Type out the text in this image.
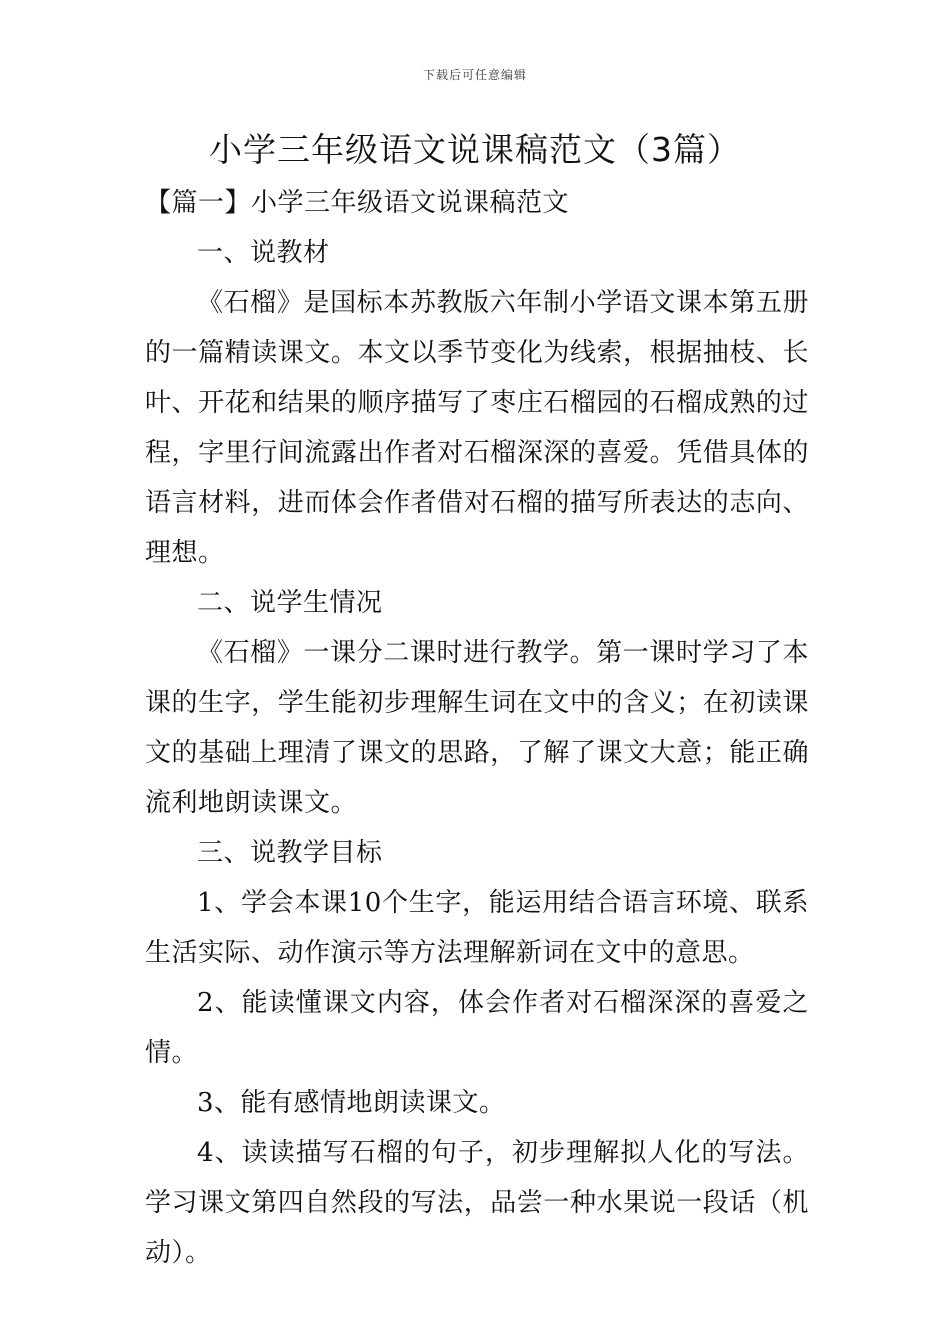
下载后可任意编辑
小学三年级语文说课稿范文（3篇）

【篇一】小学三年级语文说课稿范文

一、说教材

《石榴》是国标本苏教版六年制小学语文课本第五册的一篇精读课文。本文以季节变化为线索，根据抽枝、长叶、开花和结果的顺序描写了枣庄石榴园的石榴成熟的过程，字里行间流露出作者对石榴深深的喜爱。凭借具体的语言材料，进而体会作者借对石榴的描写所表达的志向、理想。

二、说学生情况

《石榴》一课分二课时进行教学。第一课时学习了本课的生字，学生能初步理解生词在文中的含义；在初读课文的基础上理清了课文的思路，了解了课文大意；能正确流利地朗读课文。

三、说教学目标

1、学会本课10个生字，能运用结合语言环境、联系生活实际、动作演示等方法理解新词在文中的意思。

2、能读懂课文内容，体会作者对石榴深深的喜爱之情。

3、能有感情地朗读课文。

4、读读描写石榴的句子，初步理解拟人化的写法。学习课文第四自然段的写法，品尝一种水果说一段话（机动）。
